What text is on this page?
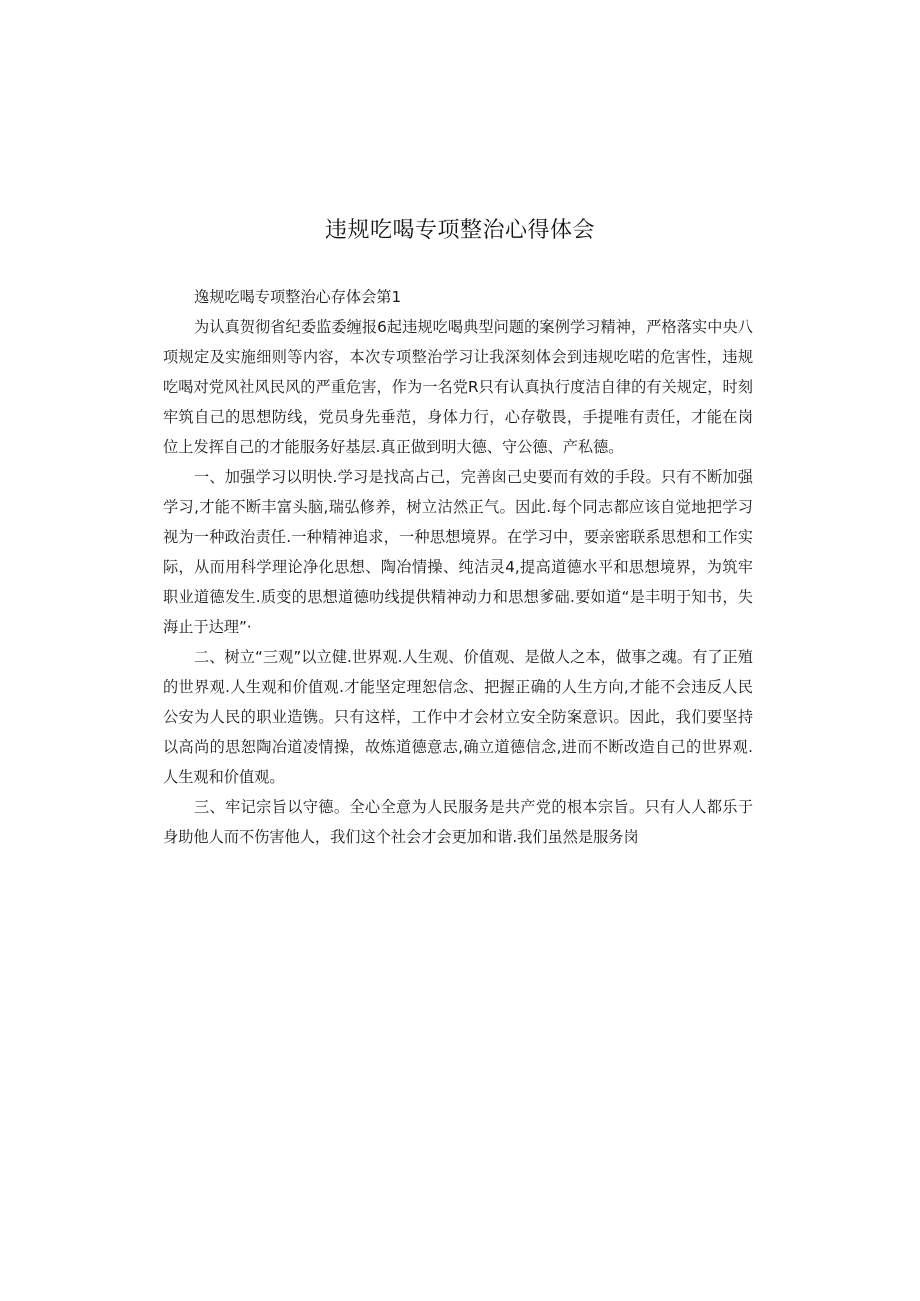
违规吃喝专项整治心得体会

逸规吃喝专项整治心存体会第1

为认真贺彻省纪委监委缠报6起违规吃喝典型问题的案例学习精神，严格落实中央八项规定及实施细则等内容，本次专项整治学习让我深刻体会到违规吃喏的危害性，违规吃喝对党风社风民风的严重危害，作为一名党R只有认真执行度洁自律的有关规定，时刻牢筑自己的思想防线，党员身先垂范，身体力行，心存敬畏，手提唯有责任，才能在岗位上发挥自己的才能服务好基层.真正做到明大德、守公德、产私德。

一、加强学习以明快.学习是找高占己，完善囱己史要而有效的手段。只有不断加强学习,才能不断丰富头脑,瑞弘修养，树立沽然正气。因此.每个同志都应该自觉地把学习视为一种政治责任.一种精神追求，一种思想境界。在学习中，要亲密联系思想和工作实际，从而用科学理论净化思想、陶冶情操、纯洁灵4,提高道德水平和思想境界，为筑牢职业道德发生.质变的思想道德叻线提供精神动力和思想爹础.要如道“是丰明于知书，失海止于达理”·

二、树立“三观”以立健.世界观.人生观、价值观、是做人之本，做事之魂。有了正殖的世界观.人生观和价值观.才能坚定理恕信念、把握正确的人生方向,才能不会违反人民公安为人民的职业造镌。只有这样，工作中才会材立安全防案意识。因此，我们要坚持以高尚的思恕陶冶道凌情操，故炼道德意志,确立道德信念,进而不断改造自己的世界观.人生观和价值观。

三、牢记宗旨以守德。全心全意为人民服务是共产党的根本宗旨。只有人人都乐于身助他人而不伤害他人，我们这个社会才会更加和谐.我们虽然是服务岗
